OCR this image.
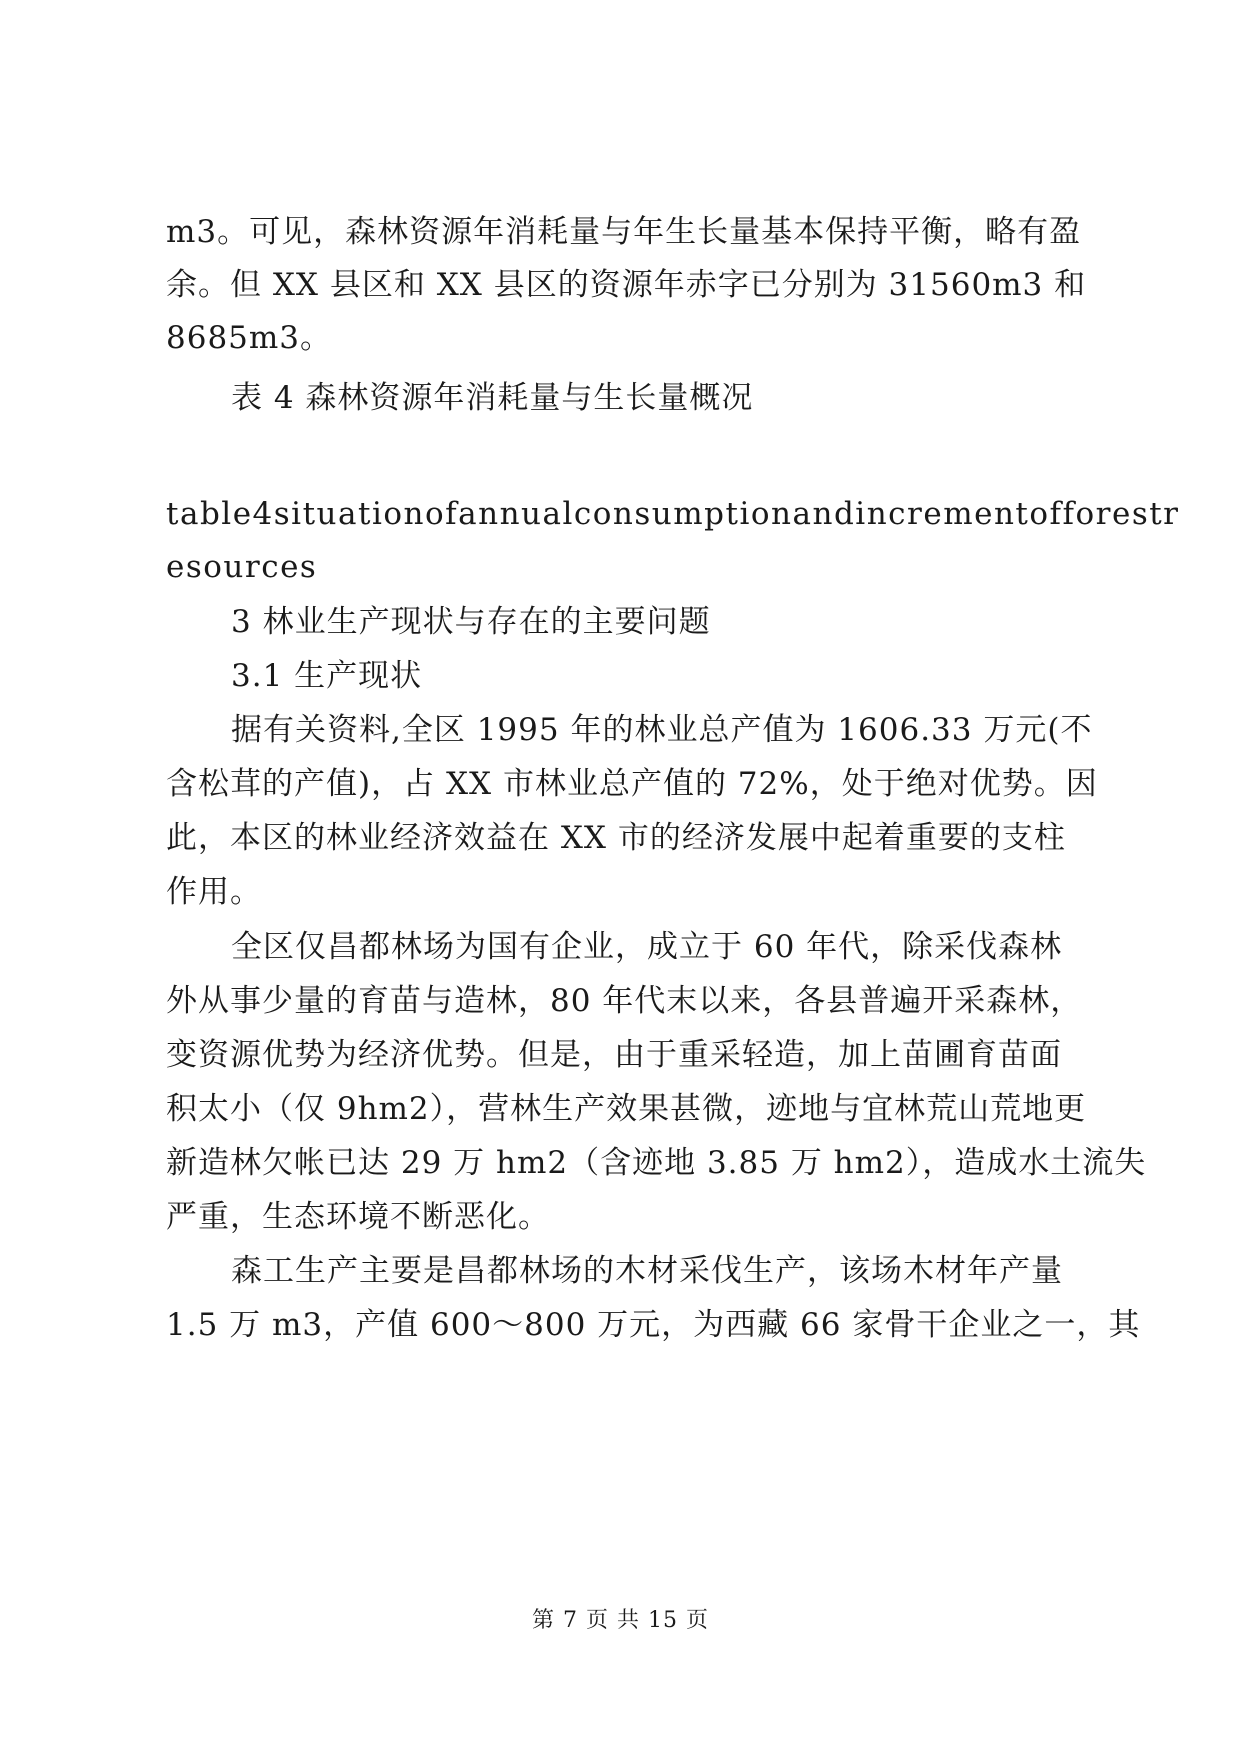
m3。可见，森林资源年消耗量与年生长量基本保持平衡，略有盈
余。但 XX 县区和 XX 县区的资源年赤字已分别为 31560m3 和
8685m3。
表 4 森林资源年消耗量与生长量概况
table4situationofannualconsumptionandincrementofforestr
esources
3 林业生产现状与存在的主要问题
3.1 生产现状
据有关资料,全区 1995 年的林业总产值为 1606.33 万元(不
含松茸的产值)，占 XX 市林业总产值的 72%，处于绝对优势。因
此，本区的林业经济效益在 XX 市的经济发展中起着重要的支柱
作用。
全区仅昌都林场为国有企业，成立于 60 年代，除采伐森林
外从事少量的育苗与造林，80 年代末以来，各县普遍开采森林，
变资源优势为经济优势。但是，由于重采轻造，加上苗圃育苗面
积太小（仅 9hm2），营林生产效果甚微，迹地与宜林荒山荒地更
新造林欠帐已达 29 万 hm2（含迹地 3.85 万 hm2），造成水土流失
严重，生态环境不断恶化。
森工生产主要是昌都林场的木材采伐生产，该场木材年产量
1.5 万 m3，产值 600～800 万元，为西藏 66 家骨干企业之一，其
第 7 页 共 15 页
